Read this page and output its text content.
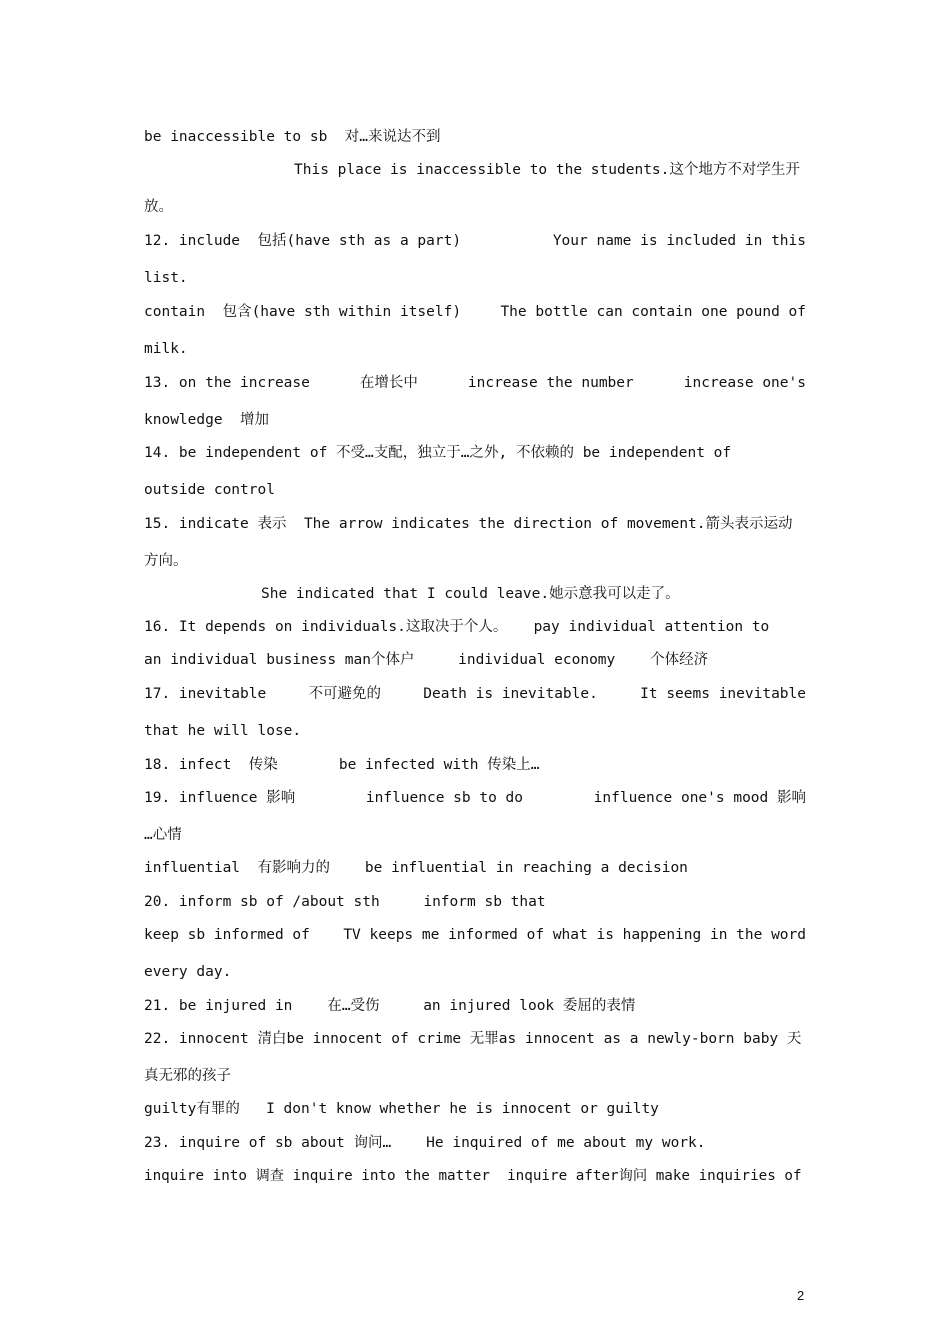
be inaccessible to sb  对…来说达不到
This place is inaccessible to the students.这个地方不对学生开
放。
12. include  包括(have sth as a part)	Your name is included in this
list.
contain  包含(have sth within itself)	The bottle can contain one pound of
milk.
13. on the increase	在增长中	increase the number	increase one's
knowledge  增加
14. be independent of 不受…支配，独立于…之外, 不依赖的 be independent of
outside control
15. indicate 表示  The arrow indicates the direction of movement.箭头表示运动
方向。
She indicated that I could leave.她示意我可以走了。
16. It depends on individuals.这取决于个人。   pay individual attention to
an individual business man个体户     individual economy    个体经济
17. inevitable	不可避免的	Death is inevitable.	It seems inevitable
that he will lose.
18. infect  传染       be infected with 传染上…
19. influence 影响	influence sb to do	influence one's mood 影响
…心情
influential  有影响力的    be influential in reaching a decision
20. inform sb of /about sth     inform sb that
keep sb informed of TV keeps me informed of what is happening in the word
every day.
21. be injured in    在…受伤     an injured look 委屈的表情
22. innocent 清白be innocent of crime 无罪as innocent as a newly-born baby 天
真无邪的孩子
guilty有罪的   I don't know whether he is innocent or guilty
23. inquire of sb about 询问…    He inquired of me about my work.
inquire into 调查 inquire into the matter  inquire after询问 make inquiries of
2
